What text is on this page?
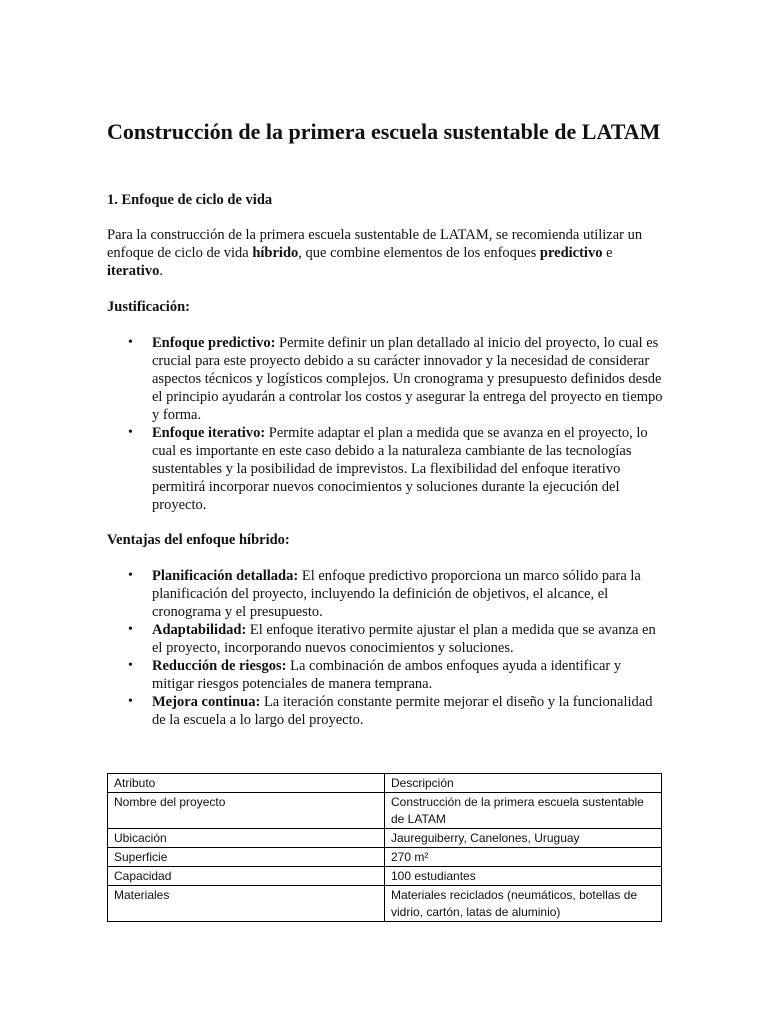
Construcción de la primera escuela sustentable de LATAM
1. Enfoque de ciclo de vida

Para la construcción de la primera escuela sustentable de LATAM, se recomienda utilizar un enfoque de ciclo de vida híbrido, que combine elementos de los enfoques predictivo e iterativo.

Justificación:
• Enfoque predictivo: Permite definir un plan detallado al inicio del proyecto, lo cual es crucial para este proyecto debido a su carácter innovador y la necesidad de considerar aspectos técnicos y logísticos complejos. Un cronograma y presupuesto definidos desde el principio ayudarán a controlar los costos y asegurar la entrega del proyecto en tiempo y forma.
• Enfoque iterativo: Permite adaptar el plan a medida que se avanza en el proyecto, lo cual es importante en este caso debido a la naturaleza cambiante de las tecnologías sustentables y la posibilidad de imprevistos. La flexibilidad del enfoque iterativo permitirá incorporar nuevos conocimientos y soluciones durante la ejecución del proyecto.
Ventajas del enfoque híbrido:
• Planificación detallada: El enfoque predictivo proporciona un marco sólido para la planificación del proyecto, incluyendo la definición de objetivos, el alcance, el cronograma y el presupuesto.
• Adaptabilidad: El enfoque iterativo permite ajustar el plan a medida que se avanza en el proyecto, incorporando nuevos conocimientos y soluciones.
• Reducción de riesgos: La combinación de ambos enfoques ayuda a identificar y mitigar riesgos potenciales de manera temprana.
• Mejora continua: La iteración constante permite mejorar el diseño y la funcionalidad de la escuela a lo largo del proyecto.
Atributo	Descripción
Nombre del proyecto	Construcción de la primera escuela sustentable de LATAM
Ubicación	Jaureguiberry, Canelones, Uruguay
Superficie	270 m²
Capacidad	100 estudiantes
Materiales	Materiales reciclados (neumáticos, botellas de vidrio, cartón, latas de aluminio)
